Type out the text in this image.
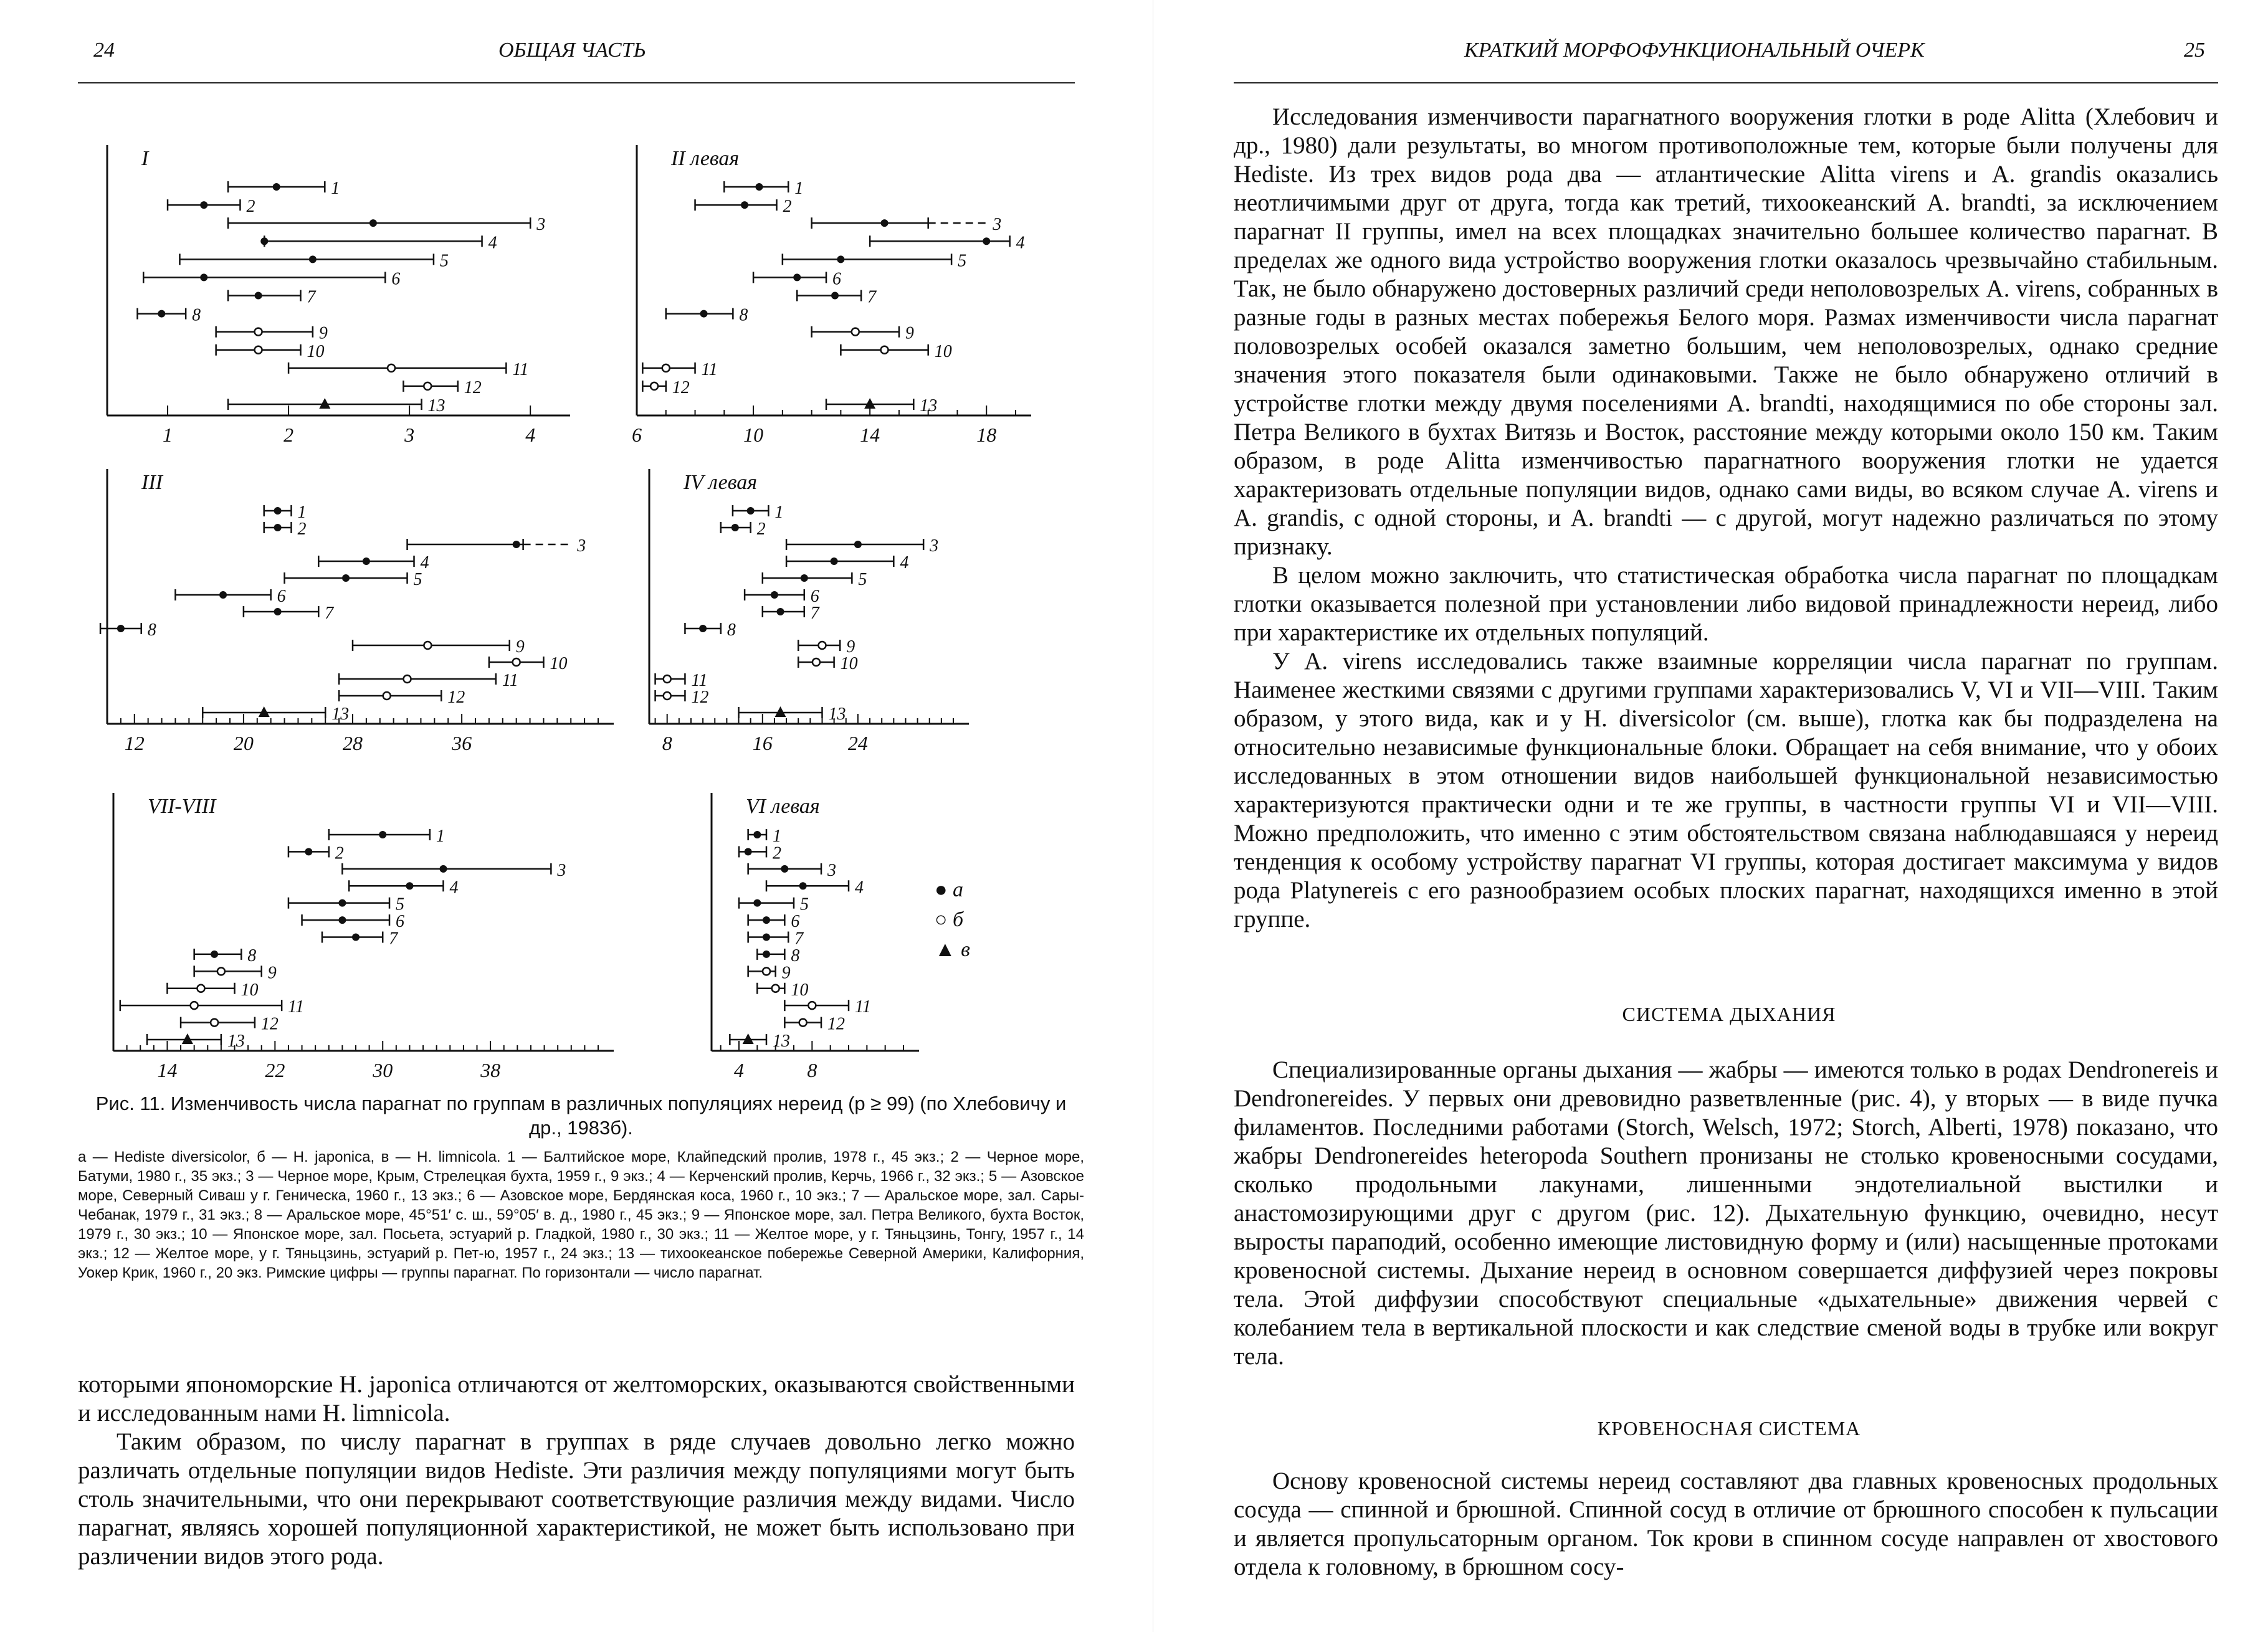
24	ОБЩАЯ ЧАСТЬ
1	2	3	4
I
1
2
3
4
5
6
7
8
9
10
11
12
13
6	10	14	18
II левая
1
2
3
4
5
6
7
8
9
10
11
12
13
12	20	28	36
III
1
2
3
4
5
6
7
8
9
10
11
12
13
8	16	24
IV левая
1
2
3
4
5
6
7
8
9
10
11
12
13
14	22	30	38
VII-VIII
1
2
3
4
5
6
7
8
9
10
11
12
13
4	8
VI левая
1
2
3
4
5
6
7
8
9
10
11
12
13
● а
○ б
▲ в
Рис. 11. Изменчивость числа парагнат по группам в различных популяциях нереид (p ≥ 99) (по Хлебовичу и др., 1983б).
а — Hediste diversicolor, б — H. japonica, в — H. limnicola. 1 — Балтийское море, Клайпедский пролив, 1978 г., 45 экз.; 2 — Черное море, Батуми, 1980 г., 35 экз.; 3 — Черное море, Крым, Стрелецкая бухта, 1959 г., 9 экз.; 4 — Керченский пролив, Керчь, 1966 г., 32 экз.; 5 — Азовское море, Северный Сиваш у г. Геническа, 1960 г., 13 экз.; 6 — Азовское море, Бердянская коса, 1960 г., 10 экз.; 7 — Аральское море, зал. Сары-Чебанак, 1979 г., 31 экз.; 8 — Аральское море, 45°51′ с. ш., 59°05′ в. д., 1980 г., 45 экз.; 9 — Японское море, зал. Петра Великого, бухта Восток, 1979 г., 30 экз.; 10 — Японское море, зал. Посьета, эстуарий р. Гладкой, 1980 г., 30 экз.; 11 — Желтое море, у г. Тяньцзинь, Тонгу, 1957 г., 14 экз.; 12 — Желтое море, у г. Тяньцзинь, эстуарий р. Пет-ю, 1957 г., 24 экз.; 13 — тихоокеанское побережье Северной Америки, Калифорния, Уокер Крик, 1960 г., 20 экз. Римские цифры — группы парагнат. По горизонтали — число парагнат.

которыми япономорские H. japonica отличаются от желтоморских, оказываются свойственными и исследованным нами H. limnicola.

Таким образом, по числу парагнат в группах в ряде случаев довольно легко можно различать отдельные популяции видов Hediste. Эти различия между популяциями могут быть столь значительными, что они перекрывают соответствующие различия между видами. Число парагнат, являясь хорошей популяционной характеристикой, не может быть использовано при различении видов этого рода.

КРАТКИЙ МОРФОФУНКЦИОНАЛЬНЫЙ ОЧЕРК	25

Исследования изменчивости парагнатного вооружения глотки в роде Alitta (Хлебович и др., 1980) дали результаты, во многом противоположные тем, которые были получены для Hediste. Из трех видов рода два — атлантические Alitta virens и A. grandis оказались неотличимыми друг от друга, тогда как третий, тихоокеанский A. brandti, за исключением парагнат II группы, имел на всех площадках значительно большее количество парагнат. В пределах же одного вида устройство вооружения глотки оказалось чрезвычайно стабильным. Так, не было обнаружено достоверных различий среди неполовозрелых A. virens, собранных в разные годы в разных местах побережья Белого моря. Размах изменчивости числа парагнат половозрелых особей оказался заметно большим, чем неполовозрелых, однако средние значения этого показателя были одинаковыми. Также не было обнаружено отличий в устройстве глотки между двумя поселениями A. brandti, находящимися по обе стороны зал. Петра Великого в бухтах Витязь и Восток, расстояние между которыми около 150 км. Таким образом, в роде Alitta изменчивостью парагнатного вооружения глотки не удается характеризовать отдельные популяции видов, однако сами виды, во всяком случае A. virens и A. grandis, с одной стороны, и A. brandti — с другой, могут надежно различаться по этому признаку.

В целом можно заключить, что статистическая обработка числа парагнат по площадкам глотки оказывается полезной при установлении либо видовой принадлежности нереид, либо при характеристике их отдельных популяций.

У A. virens исследовались также взаимные корреляции числа парагнат по группам. Наименее жесткими связями с другими группами характеризовались V, VI и VII—VIII. Таким образом, у этого вида, как и у H. diversicolor (см. выше), глотка как бы подразделена на относительно независимые функциональные блоки. Обращает на себя внимание, что у обоих исследованных в этом отношении видов наибольшей функциональной независимостью характеризуются практически одни и те же группы, в частности группы VI и VII—VIII. Можно предположить, что именно с этим обстоятельством связана наблюдавшаяся у нереид тенденция к особому устройству парагнат VI группы, которая достигает максимума у видов рода Platynereis с его разнообразием особых плоских парагнат, находящихся именно в этой группе.

СИСТЕМА ДЫХАНИЯ

Специализированные органы дыхания — жабры — имеются только в родах Dendronereis и Dendronereides. У первых они древовидно разветвленные (рис. 4), у вторых — в виде пучка филаментов. Последними работами (Storch, Welsch, 1972; Storch, Alberti, 1978) показано, что жабры Dendronereides heteropoda Southern пронизаны не столько кровеносными сосудами, сколько продольными лакунами, лишенными эндотелиальной выстилки и анастомозирующими друг с другом (рис. 12). Дыхательную функцию, очевидно, несут выросты параподий, особенно имеющие листовидную форму и (или) насыщенные протоками кровеносной системы. Дыхание нереид в основном совершается диффузией через покровы тела. Этой диффузии способствуют специальные «дыхательные» движения червей с колебанием тела в вертикальной плоскости и как следствие сменой воды в трубке или вокруг тела.

КРОВЕНОСНАЯ СИСТЕМА

Основу кровеносной системы нереид составляют два главных кровеносных продольных сосуда — спинной и брюшной. Спинной сосуд в отличие от брюшного способен к пульсации и является пропульсаторным органом. Ток крови в спинном сосуде направлен от хвостового отдела к головному, в брюшном сосу-
